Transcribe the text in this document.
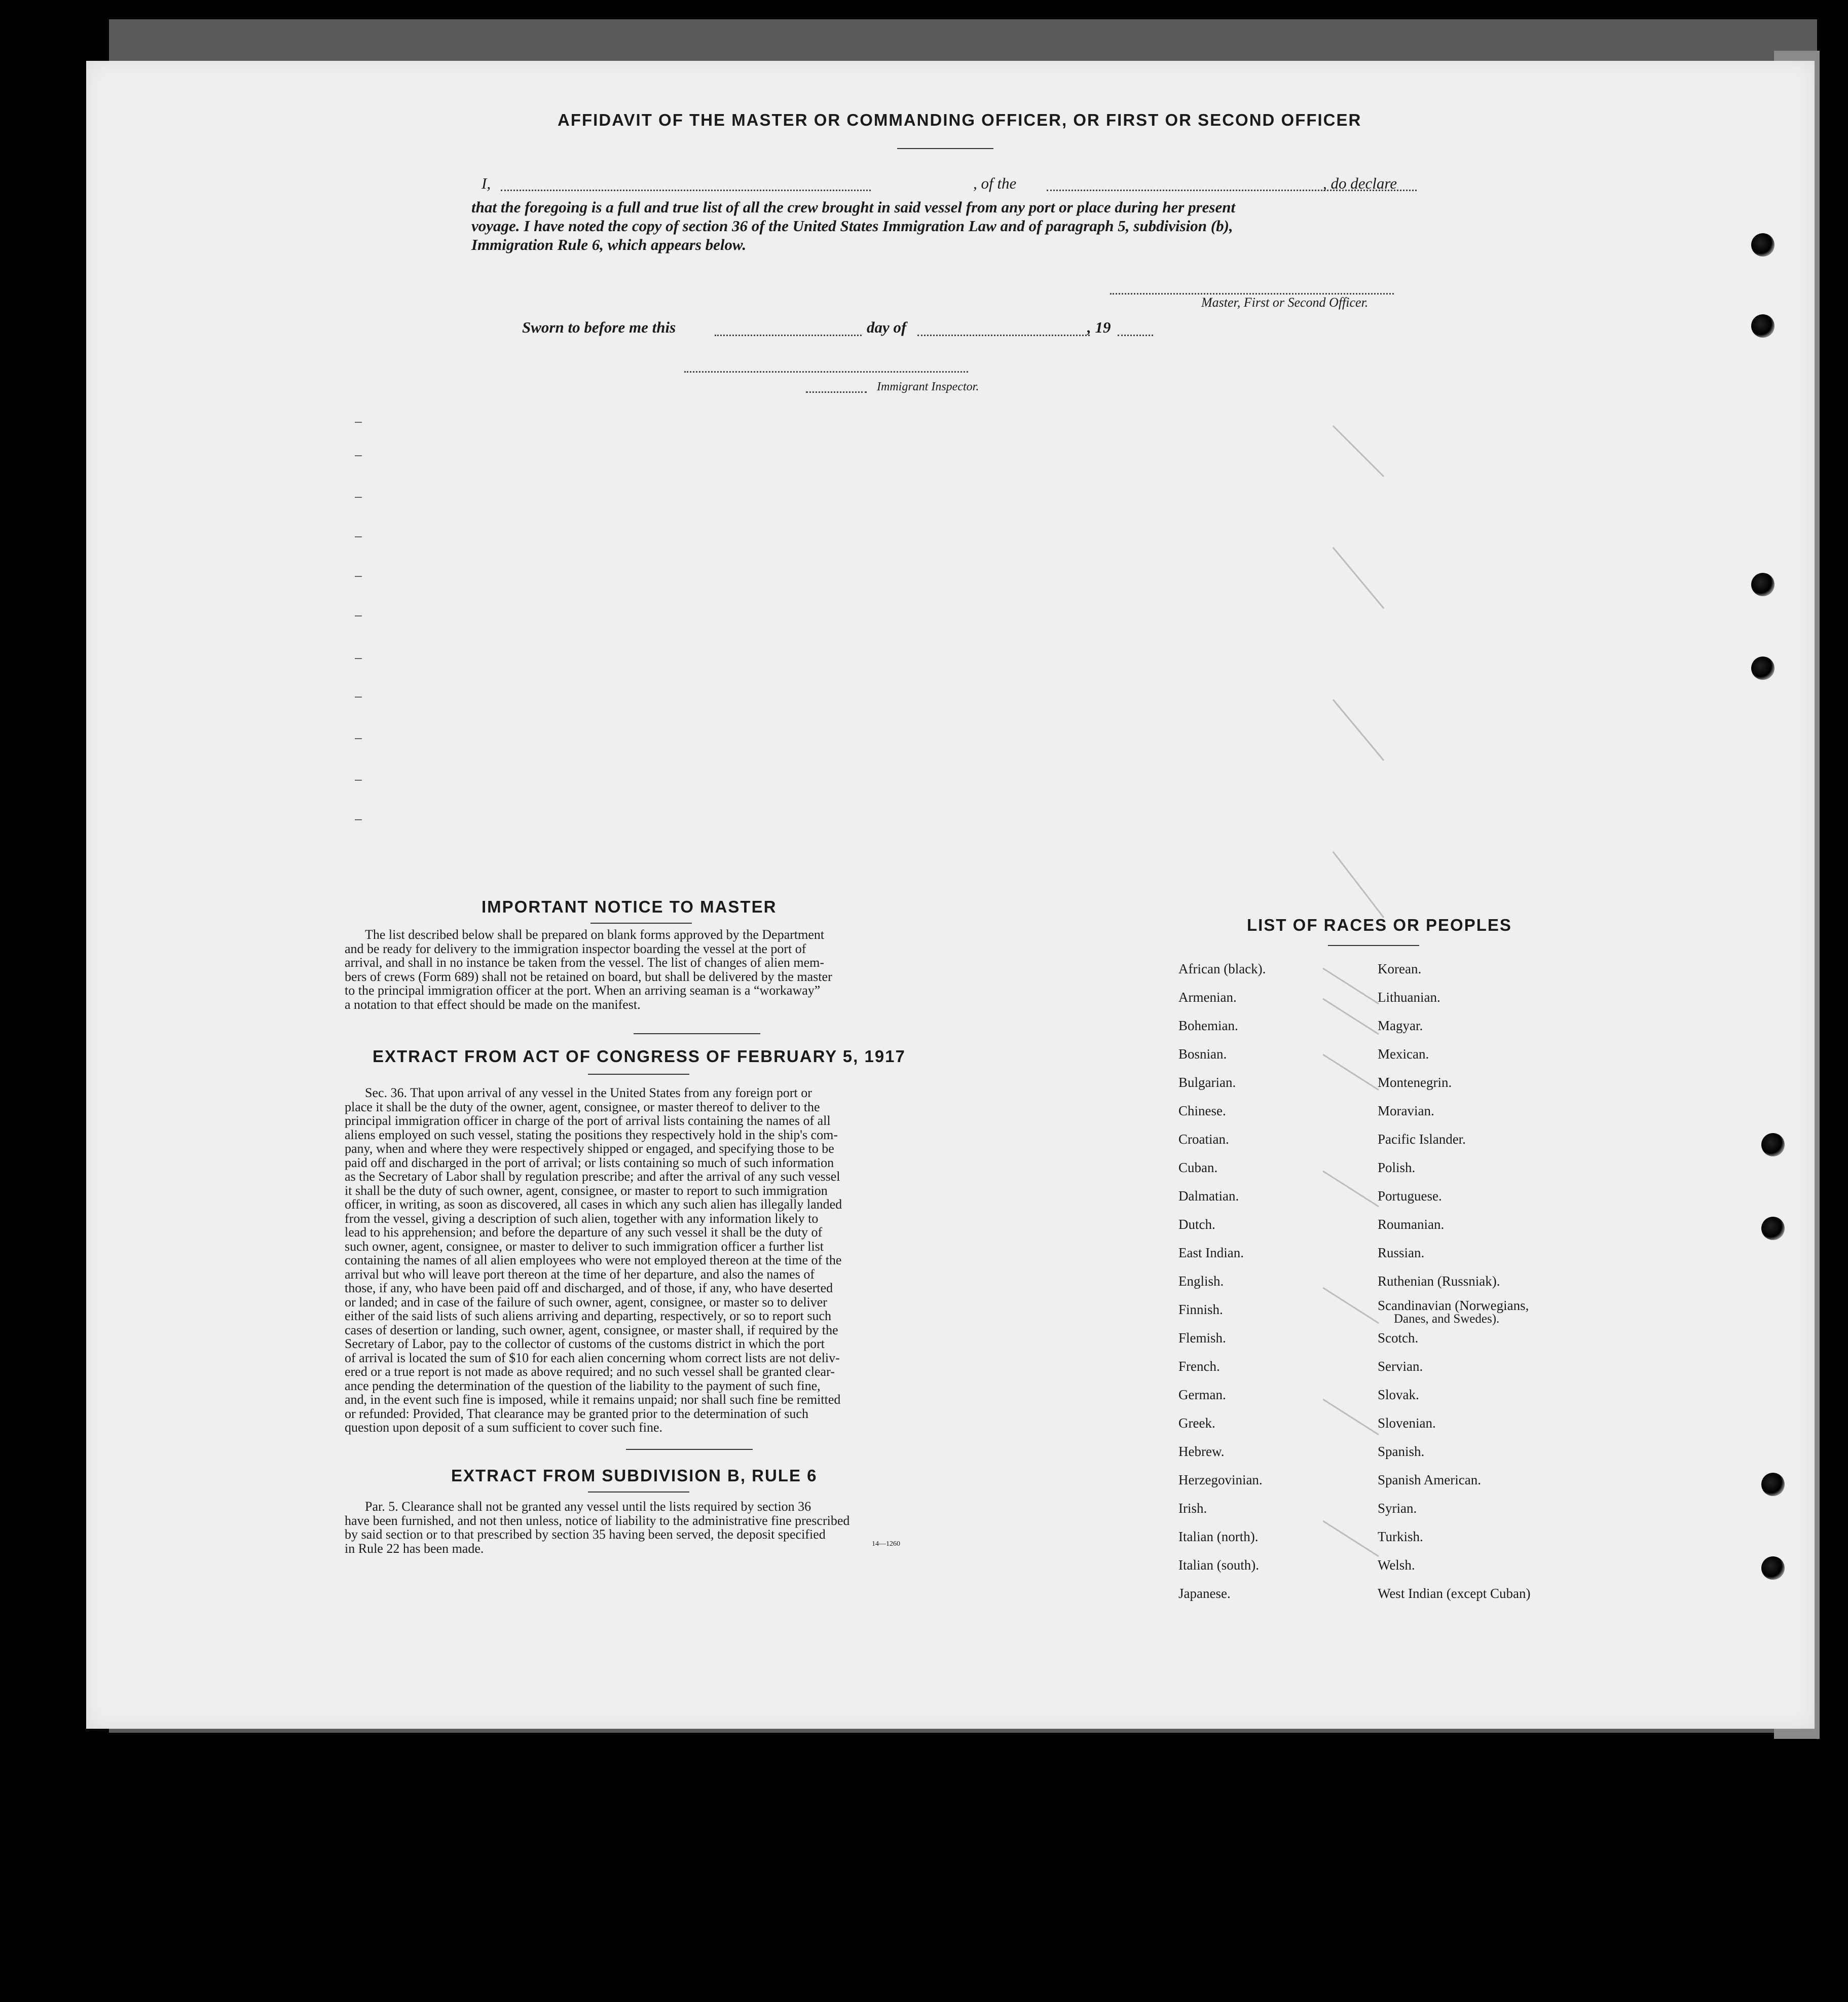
AFFIDAVIT OF THE MASTER OR COMMANDING OFFICER, OR FIRST OR SECOND OFFICER
I,	, of the	, do declare
that the foregoing is a full and true list of all the crew brought in said vessel from any port or place during her present
voyage. I have noted the copy of section 36 of the United States Immigration Law and of paragraph 5, subdivision (b),
Immigration Rule 6, which appears below.
Master, First or Second Officer.
Sworn to before me this	day of	, 19
Immigrant Inspector.
IMPORTANT NOTICE TO MASTER
The list described below shall be prepared on blank forms approved by the Department
and be ready for delivery to the immigration inspector boarding the vessel at the port of
arrival, and shall in no instance be taken from the vessel. The list of changes of alien mem-
bers of crews (Form 689) shall not be retained on board, but shall be delivered by the master
to the principal immigration officer at the port. When an arriving seaman is a “workaway”
a notation to that effect should be made on the manifest.
EXTRACT FROM ACT OF CONGRESS OF FEBRUARY 5, 1917
Sec. 36. That upon arrival of any vessel in the United States from any foreign port or
place it shall be the duty of the owner, agent, consignee, or master thereof to deliver to the
principal immigration officer in charge of the port of arrival lists containing the names of all
aliens employed on such vessel, stating the positions they respectively hold in the ship's com-
pany, when and where they were respectively shipped or engaged, and specifying those to be
paid off and discharged in the port of arrival; or lists containing so much of such information
as the Secretary of Labor shall by regulation prescribe; and after the arrival of any such vessel
it shall be the duty of such owner, agent, consignee, or master to report to such immigration
officer, in writing, as soon as discovered, all cases in which any such alien has illegally landed
from the vessel, giving a description of such alien, together with any information likely to
lead to his apprehension; and before the departure of any such vessel it shall be the duty of
such owner, agent, consignee, or master to deliver to such immigration officer a further list
containing the names of all alien employees who were not employed thereon at the time of the
arrival but who will leave port thereon at the time of her departure, and also the names of
those, if any, who have been paid off and discharged, and of those, if any, who have deserted
or landed; and in case of the failure of such owner, agent, consignee, or master so to deliver
either of the said lists of such aliens arriving and departing, respectively, or so to report such
cases of desertion or landing, such owner, agent, consignee, or master shall, if required by the
Secretary of Labor, pay to the collector of customs of the customs district in which the port
of arrival is located the sum of $10 for each alien concerning whom correct lists are not deliv-
ered or a true report is not made as above required; and no such vessel shall be granted clear-
ance pending the determination of the question of the liability to the payment of such fine,
and, in the event such fine is imposed, while it remains unpaid; nor shall such fine be remitted
or refunded: Provided, That clearance may be granted prior to the determination of such
question upon deposit of a sum sufficient to cover such fine.
EXTRACT FROM SUBDIVISION B, RULE 6
Par. 5. Clearance shall not be granted any vessel until the lists required by section 36
have been furnished, and not then unless, notice of liability to the administrative fine prescribed
by said section or to that prescribed by section 35 having been served, the deposit specified
in Rule 22 has been made.	14—1260
LIST OF RACES OR PEOPLES
African (black).
Armenian.
Bohemian.
Bosnian.
Bulgarian.
Chinese.
Croatian.
Cuban.
Dalmatian.
Dutch.
East Indian.
English.
Finnish.
Flemish.
French.
German.
Greek.
Hebrew.
Herzegovinian.
Irish.
Italian (north).
Italian (south).
Japanese.
Korean.
Lithuanian.
Magyar.
Mexican.
Montenegrin.
Moravian.
Pacific Islander.
Polish.
Portuguese.
Roumanian.
Russian.
Ruthenian (Russniak).
Scandinavian (Norwegians,
Danes, and Swedes).
Scotch.
Servian.
Slovak.
Slovenian.
Spanish.
Spanish American.
Syrian.
Turkish.
Welsh.
West Indian (except Cuban)
